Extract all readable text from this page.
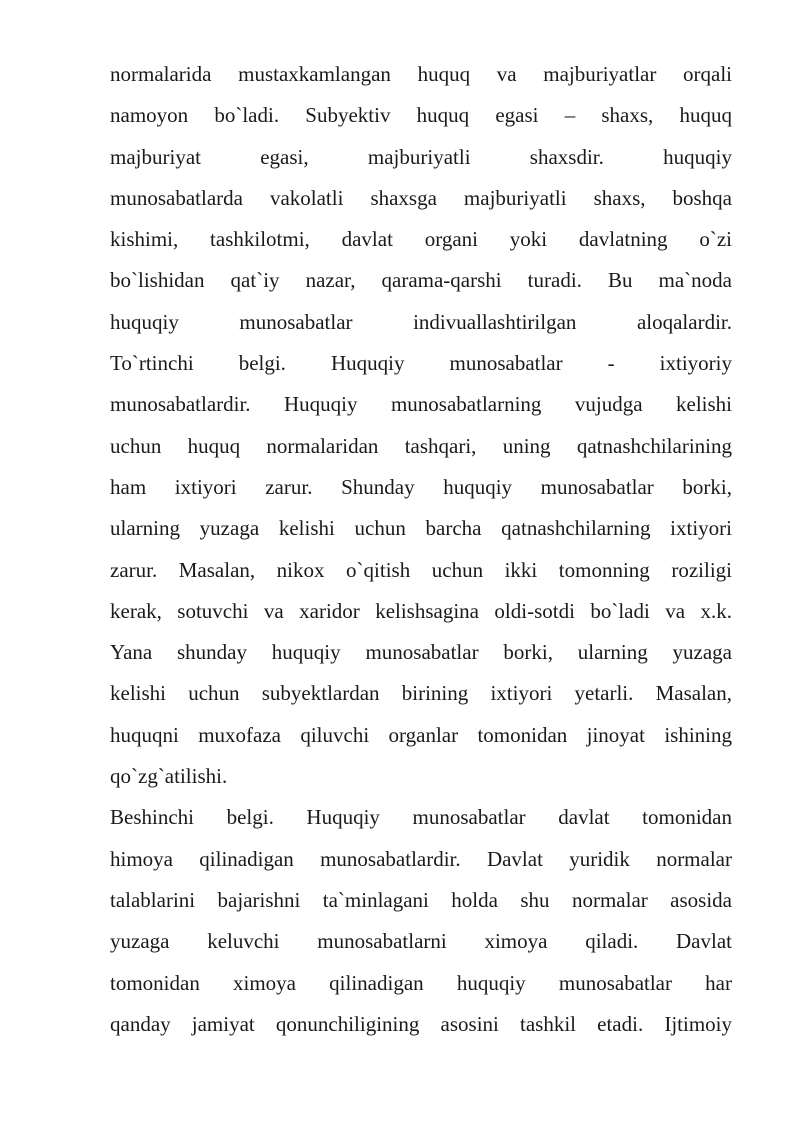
normalarida mustaxkamlangan huquq va majburiyatlar orqali
namoyon bo`ladi. Subyektiv huquq egasi – shaxs, huquq
majburiyat egasi, majburiyatli shaxsdir. huquqiy
munosabatlarda vakolatli shaxsga majburiyatli shaxs, boshqa
kishimi, tashkilotmi, davlat organi yoki davlatning o`zi
bo`lishidan qat`iy nazar, qarama-qarshi turadi. Bu ma`noda
huquqiy munosabatlar indivuallashtirilgan aloqalardir.
To`rtinchi belgi. Huquqiy munosabatlar - ixtiyoriy
munosabatlardir. Huquqiy munosabatlarning vujudga kelishi
uchun huquq normalaridan tashqari, uning qatnashchilarining
ham ixtiyori zarur. Shunday huquqiy munosabatlar borki,
ularning yuzaga kelishi uchun barcha qatnashchilarning ixtiyori
zarur. Masalan, nikox o`qitish uchun ikki tomonning roziligi
kerak, sotuvchi va xaridor kelishsagina oldi-sotdi bo`ladi va x.k.
Yana shunday huquqiy munosabatlar borki, ularning yuzaga
kelishi uchun subyektlardan birining ixtiyori yetarli. Masalan,
huquqni muxofaza qiluvchi organlar tomonidan jinoyat ishining
qo`zg`atilishi.
Beshinchi belgi. Huquqiy munosabatlar davlat tomonidan
himoya qilinadigan munosabatlardir. Davlat yuridik normalar
talablarini bajarishni ta`minlagani holda shu normalar asosida
yuzaga keluvchi munosabatlarni ximoya qiladi. Davlat
tomonidan ximoya qilinadigan huquqiy munosabatlar har
qanday jamiyat qonunchiligining asosini tashkil etadi. Ijtimoiy
